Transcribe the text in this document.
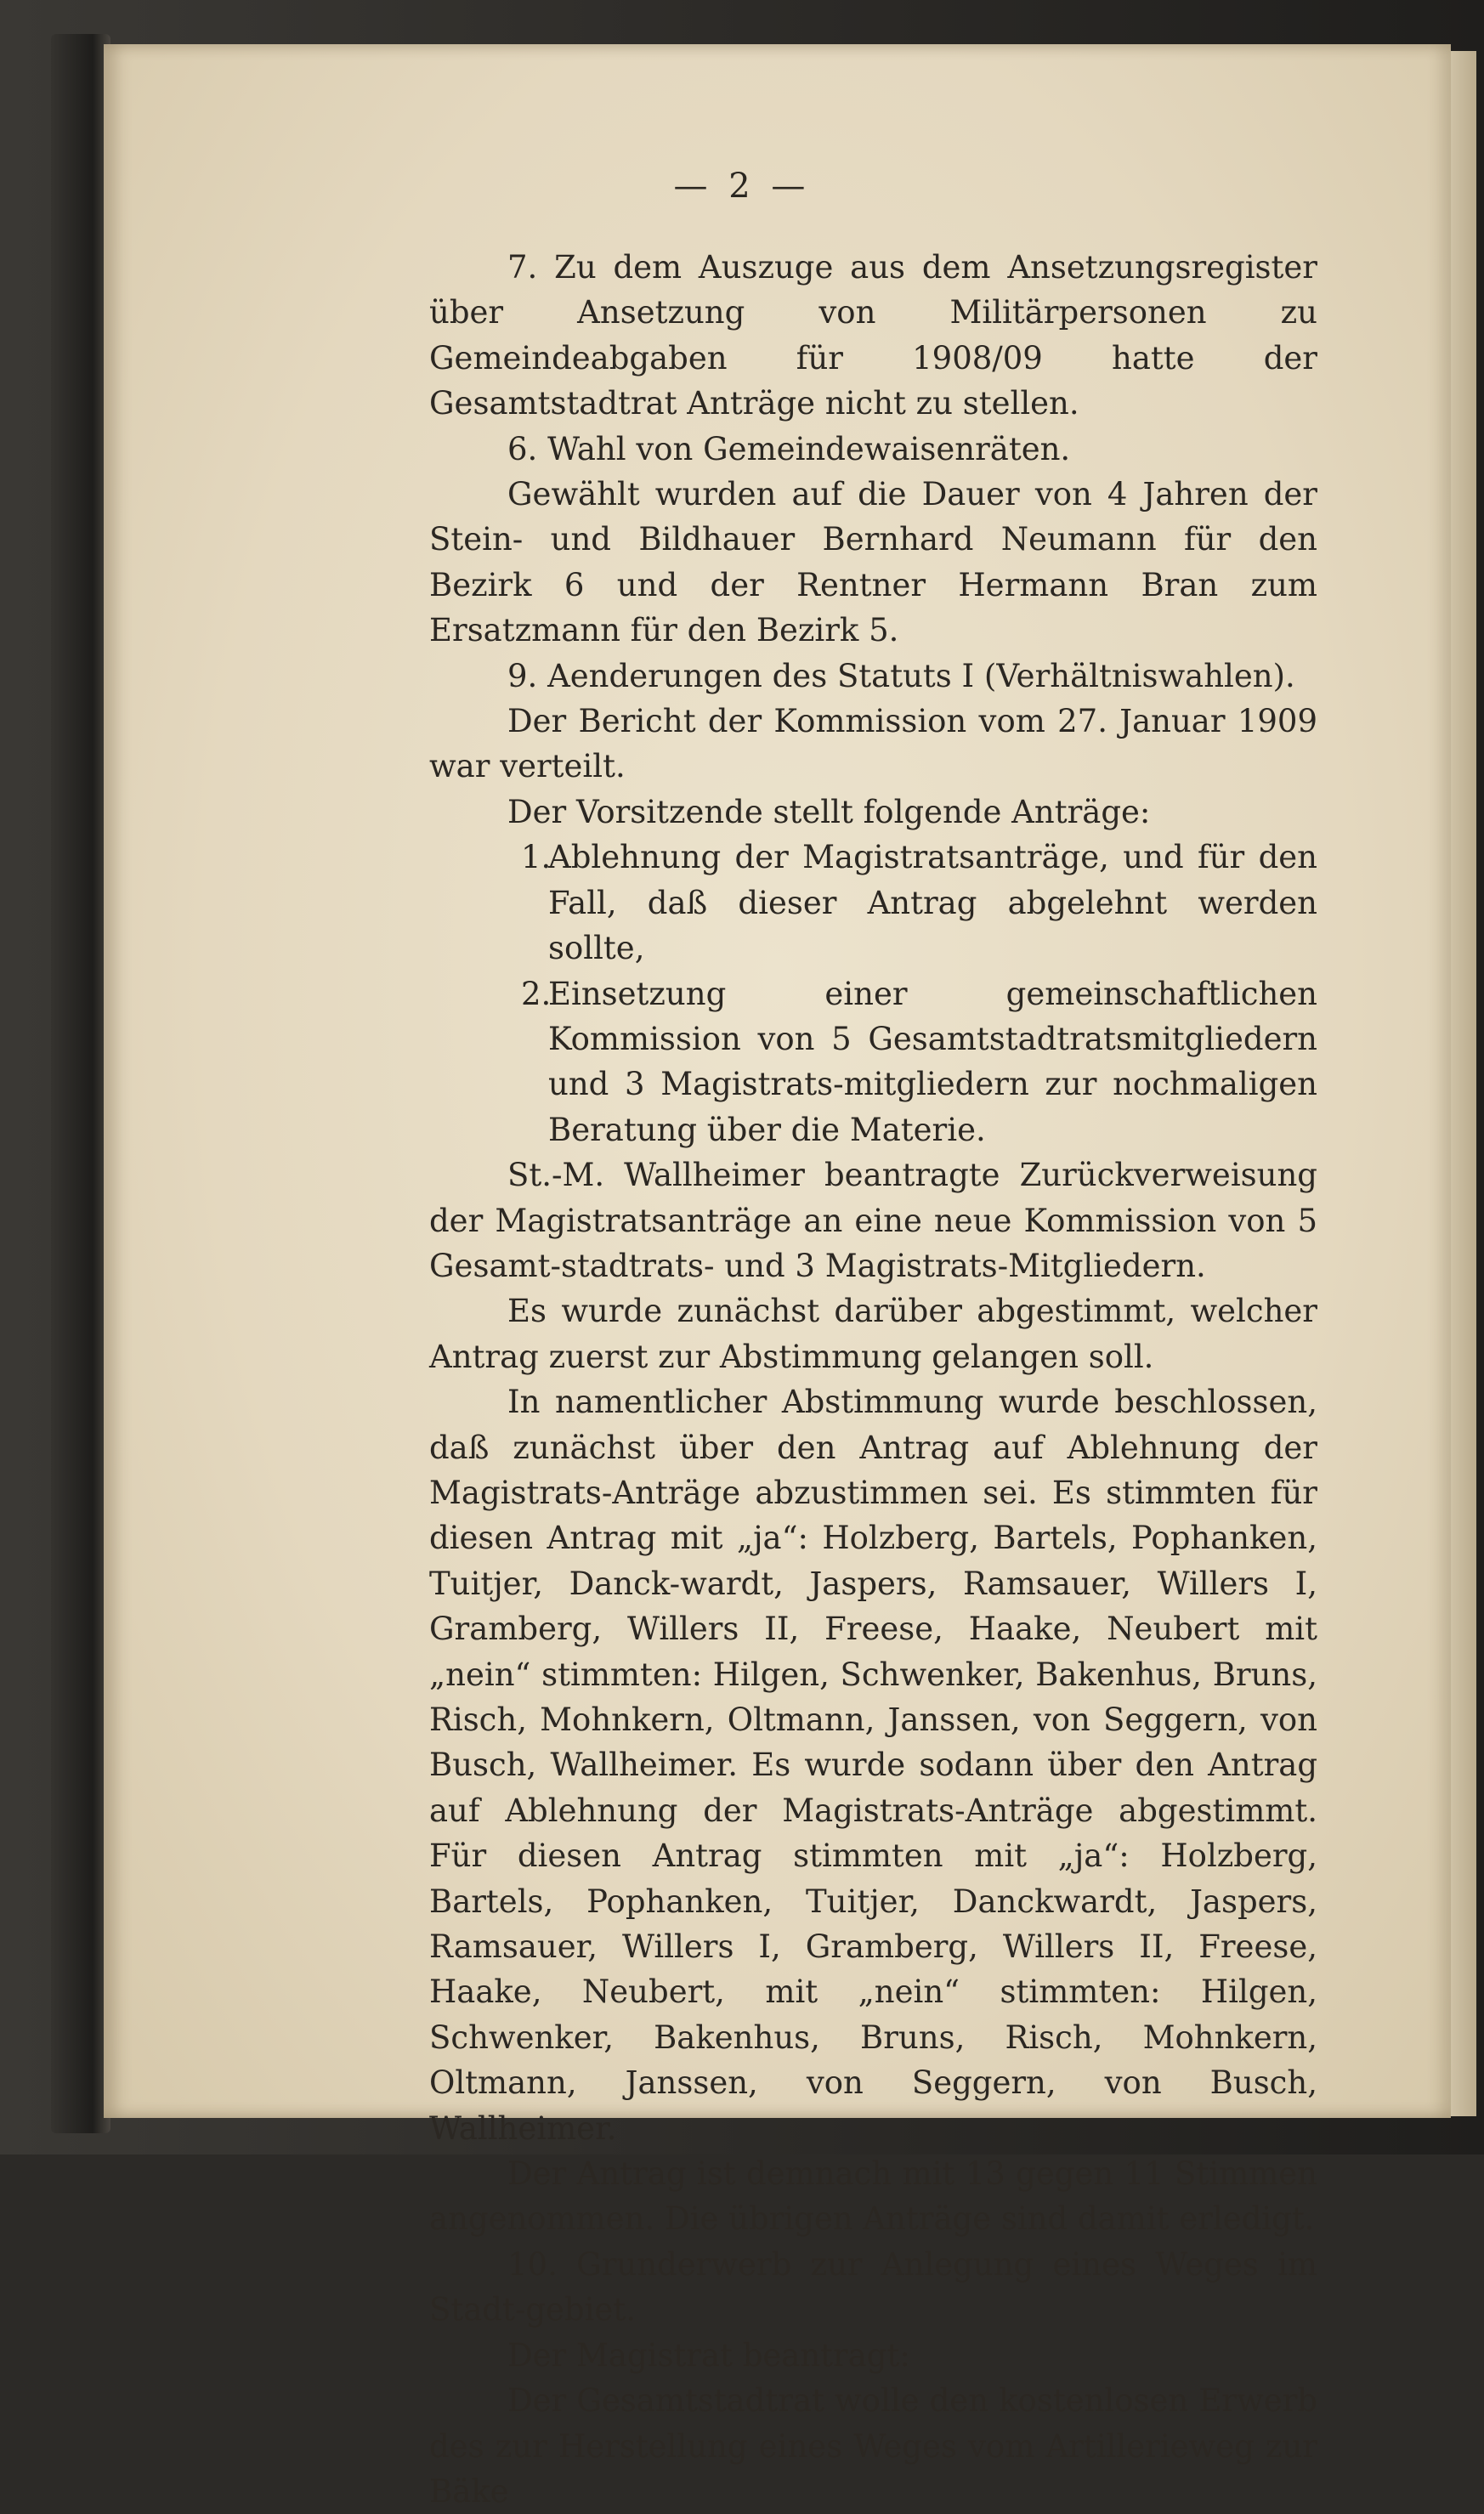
— 2 —

7. Zu dem Auszuge aus dem Ansetzungsregister über Ansetzung von Militärpersonen zu Gemeindeabgaben für 1908/09 hatte der Gesamtstadtrat Anträge nicht zu stellen.

6. Wahl von Gemeindewaisenräten.

Gewählt wurden auf die Dauer von 4 Jahren der Stein- und Bildhauer Bernhard Neumann für den Bezirk 6 und der Rentner Hermann Bran zum Ersatzmann für den Bezirk 5.

9. Aenderungen des Statuts I (Verhältniswahlen).

Der Bericht der Kommission vom 27. Januar 1909 war verteilt.

Der Vorsitzende stellt folgende Anträge:

1.
Ablehnung der Magistratsanträge, und für den Fall, daß dieser Antrag abgelehnt werden sollte,
2.
Einsetzung einer gemeinschaftlichen Kommission von 5 Gesamtstadtratsmitgliedern und 3 Magistrats-mitgliedern zur nochmaligen Beratung über die Materie.

St.-M. Wallheimer beantragte Zurückverweisung der Magistratsanträge an eine neue Kommission von 5 Gesamt-stadtrats- und 3 Magistrats-Mitgliedern.

Es wurde zunächst darüber abgestimmt, welcher Antrag zuerst zur Abstimmung gelangen soll.

In namentlicher Abstimmung wurde beschlossen, daß zunächst über den Antrag auf Ablehnung der Magistrats-Anträge abzustimmen sei. Es stimmten für diesen Antrag mit „ja“: Holzberg, Bartels, Pophanken, Tuitjer, Danck-wardt, Jaspers, Ramsauer, Willers I, Gramberg, Willers II, Freese, Haake, Neubert mit „nein“ stimmten: Hilgen, Schwenker, Bakenhus, Bruns, Risch, Mohnkern, Oltmann, Janssen, von Seggern, von Busch, Wallheimer. Es wurde sodann über den Antrag auf Ablehnung der Magistrats-Anträge abgestimmt. Für diesen Antrag stimmten mit „ja“: Holzberg, Bartels, Pophanken, Tuitjer, Danckwardt, Jaspers, Ramsauer, Willers I, Gramberg, Willers II, Freese, Haake, Neubert, mit „nein“ stimmten: Hilgen, Schwenker, Bakenhus, Bruns, Risch, Mohnkern, Oltmann, Janssen, von Seggern, von Busch, Wallheimer.

Der Antrag ist demnach mit 13 gegen 11 Stimmen angenommen. Die übrigen Anträge sind damit erledigt.

10. Grunderwerb zur Anlegung eines Weges im Stadt-gebiet.

Der Magistrat beantragt:

Der Gesamtstadtrat wolle den kostenlosen Erwerb des zur Herstellung eines Weges vom Artillerieweg zur Bäke
